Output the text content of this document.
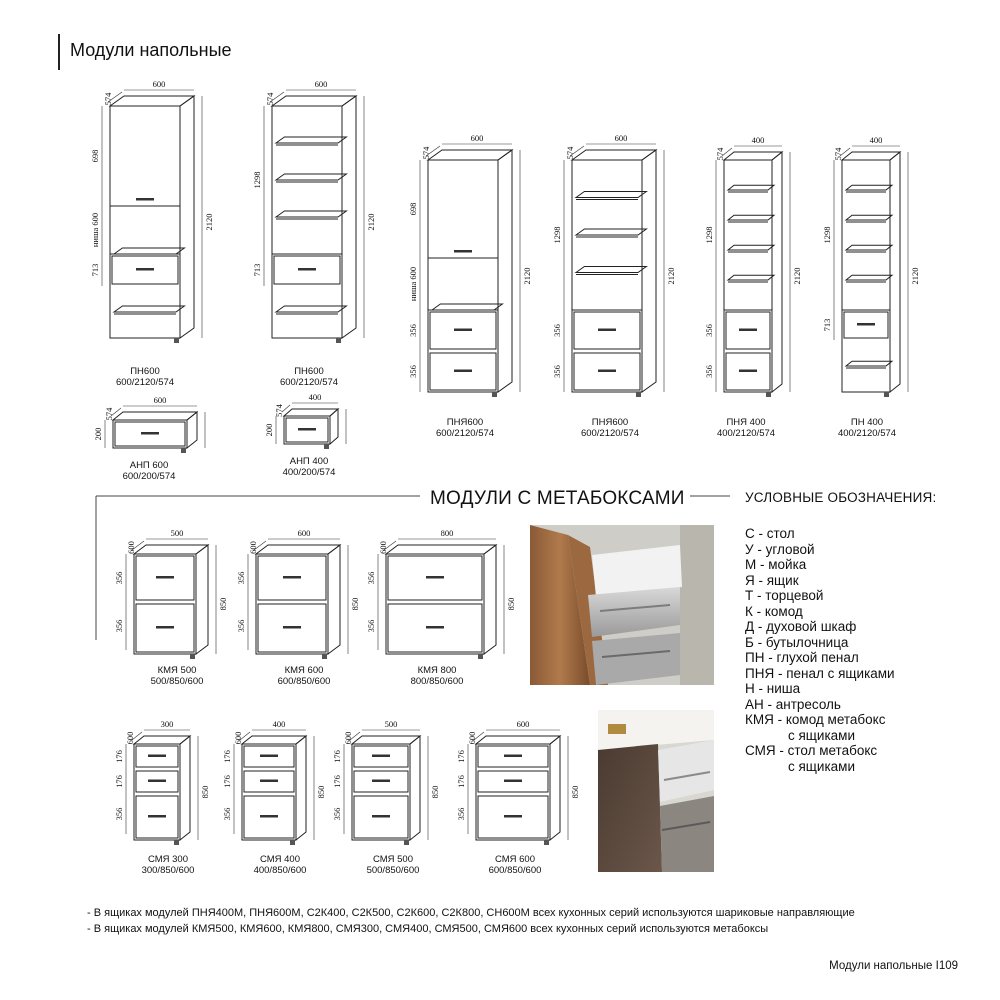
Модули напольные
600
574
2120
698
ниша 600
713
600
574
2120
1298
713
600
574
2120
698
ниша 600
356
356
600
574
2120
1298
356
356
400
574
2120
1298
356
356
400
574
2120
1298
713
600
574
200
400
574
200
500
600
850
356
356
600
600
850
356
356
800
600
850
356
356
300
600
850
176
176
356
400
600
850
176
176
356
500
600
850
176
176
356
600
600
850
176
176
356
ПН600
600/2120/574
ПН600
600/2120/574
ПНЯ600
600/2120/574
ПНЯ600
600/2120/574
ПНЯ 400
400/2120/574
ПН 400
400/2120/574
АНП 600
600/200/574
АНП 400
400/200/574
МОДУЛИ С МЕТАБОКСАМИ
КМЯ 500
500/850/600
КМЯ 600
600/850/600
КМЯ 800
800/850/600
СМЯ 300
300/850/600
СМЯ 400
400/850/600
СМЯ 500
500/850/600
СМЯ 600
600/850/600
УСЛОВНЫЕ ОБОЗНАЧЕНИЯ:
С - стол
У - угловой
М - мойка
Я - ящик
Т - торцевой
К - комод
Д - духовой шкаф
Б - бутылочница
ПН - глухой пенал
ПНЯ - пенал с ящиками
Н - ниша
АН - антресоль
КМЯ - комод метабокс
с ящиками
СМЯ - стол метабокс
с ящиками
- В ящиках модулей ПНЯ400М, ПНЯ600М, С2К400, С2К500, С2К600, С2К800, СН600М всех кухонных серий используются шариковые направляющие
- В ящиках модулей КМЯ500, КМЯ600, КМЯ800, СМЯ300, СМЯ400, СМЯ500, СМЯ600 всех кухонных серий используются метабоксы
Модули напольные I109
